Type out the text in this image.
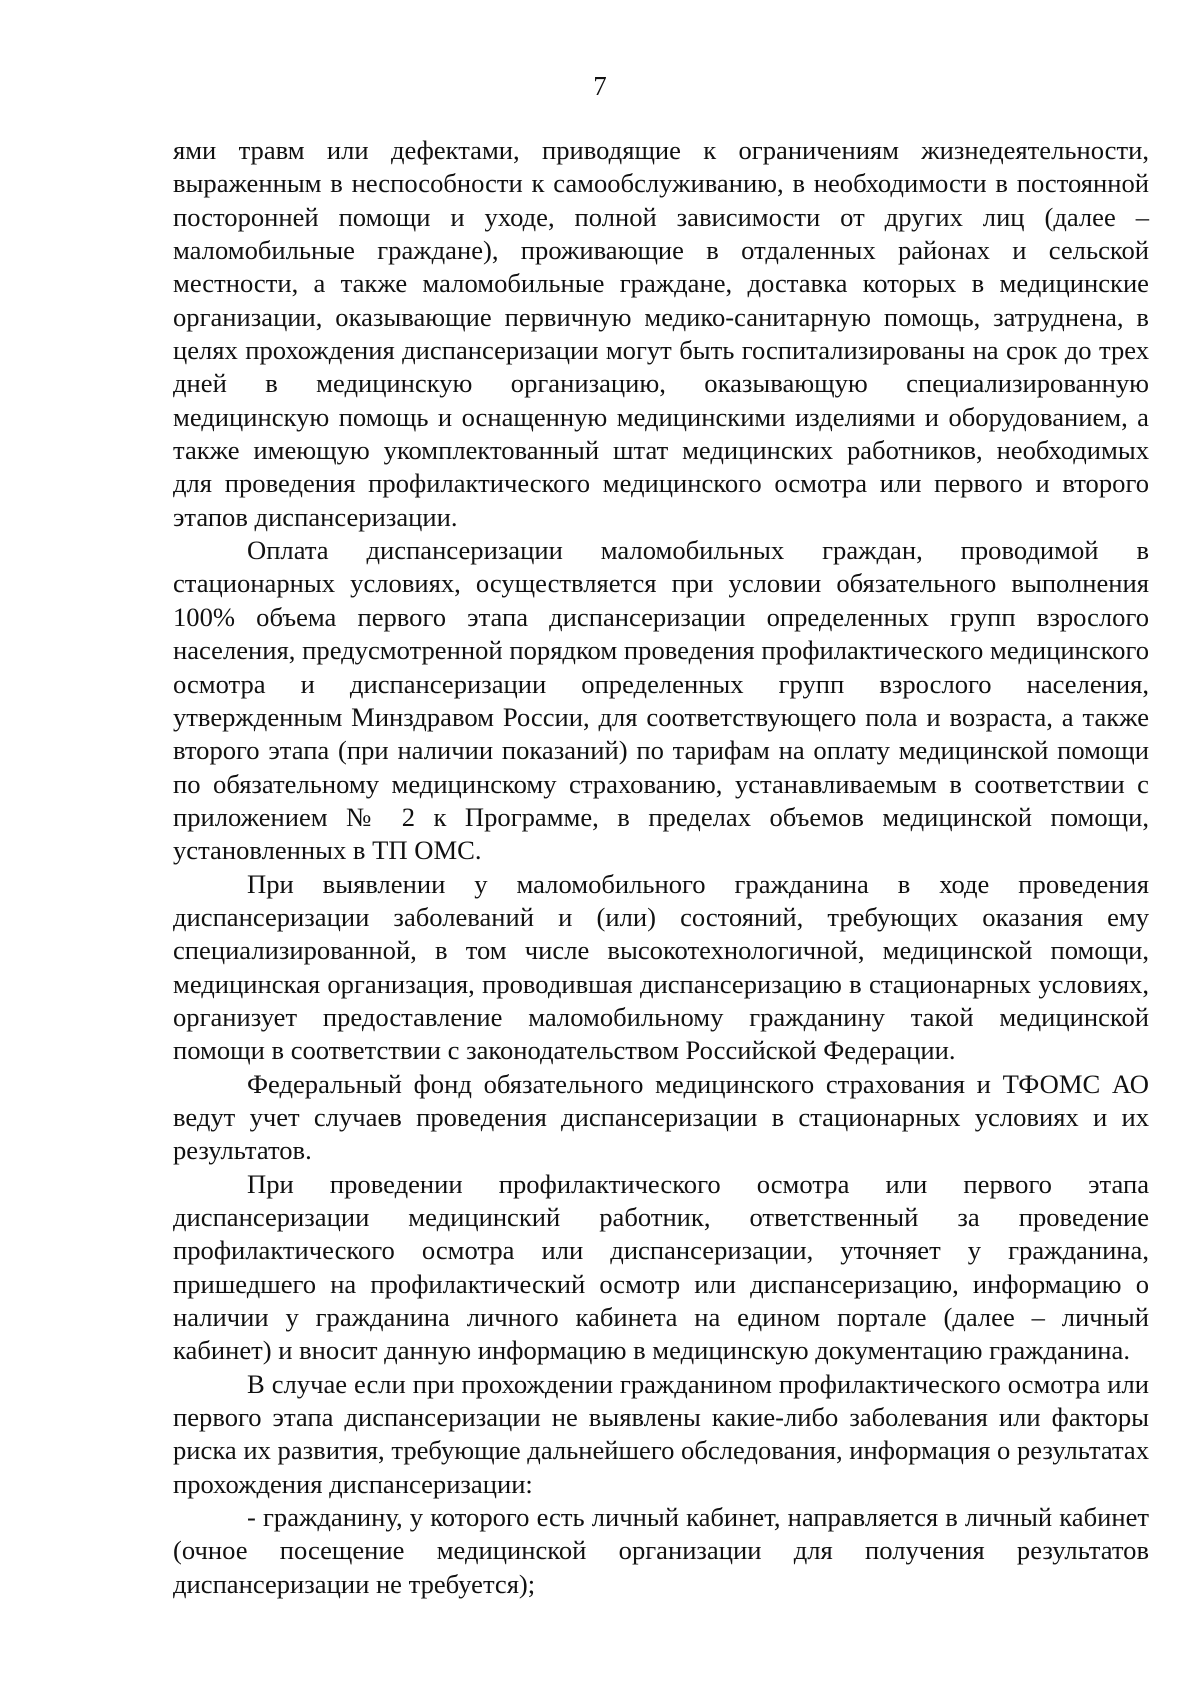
7

ями травм или дефектами, приводящие к ограничениям жизнедеятельности, выраженным в неспособности к самообслуживанию, в необходимости в постоянной посторонней помощи и уходе, полной зависимости от других лиц (далее – маломобильные граждане), проживающие в отдаленных районах и сельской местности, а также маломобильные граждане, доставка которых в медицинские организации, оказывающие первичную медико-санитарную помощь, затруднена, в целях прохождения диспансеризации могут быть госпитализированы на срок до трех дней в медицинскую организацию, оказывающую специализированную медицинскую помощь и оснащенную медицинскими изделиями и оборудованием, а также имеющую укомплектованный штат медицинских работников, необходимых для проведения профилактического медицинского осмотра или первого и второго этапов диспансеризации.

Оплата диспансеризации маломобильных граждан, проводимой в стационарных условиях, осуществляется при условии обязательного выполнения 100% объема первого этапа диспансеризации определенных групп взрослого населения, предусмотренной порядком проведения профилактического медицинского осмотра и диспансеризации определенных групп взрослого населения, утвержденным Минздравом России, для соответствующего пола и возраста, а также второго этапа (при наличии показаний) по тарифам на оплату медицинской помощи по обязательному медицинскому страхованию, устанавливаемым в соответствии с приложением № 2 к Программе, в пределах объемов медицинской помощи, установленных в ТП ОМС.

При выявлении у маломобильного гражданина в ходе проведения диспансеризации заболеваний и (или) состояний, требующих оказания ему специализированной, в том числе высокотехнологичной, медицинской помощи, медицинская организация, проводившая диспансеризацию в стационарных условиях, организует предоставление маломобильному гражданину такой медицинской помощи в соответствии с законодательством Российской Федерации.

Федеральный фонд обязательного медицинского страхования и ТФОМС АО ведут учет случаев проведения диспансеризации в стационарных условиях и их результатов.

При проведении профилактического осмотра или первого этапа диспансеризации медицинский работник, ответственный за проведение профилактического осмотра или диспансеризации, уточняет у гражданина, пришедшего на профилактический осмотр или диспансеризацию, информацию о наличии у гражданина личного кабинета на едином портале (далее – личный кабинет) и вносит данную информацию в медицинскую документацию гражданина.

В случае если при прохождении гражданином профилактического осмотра или первого этапа диспансеризации не выявлены какие-либо заболевания или факторы риска их развития, требующие дальнейшего обследования, информация о результатах прохождения диспансеризации:

- гражданину, у которого есть личный кабинет, направляется в личный кабинет (очное посещение медицинской организации для получения результатов диспансеризации не требуется);
